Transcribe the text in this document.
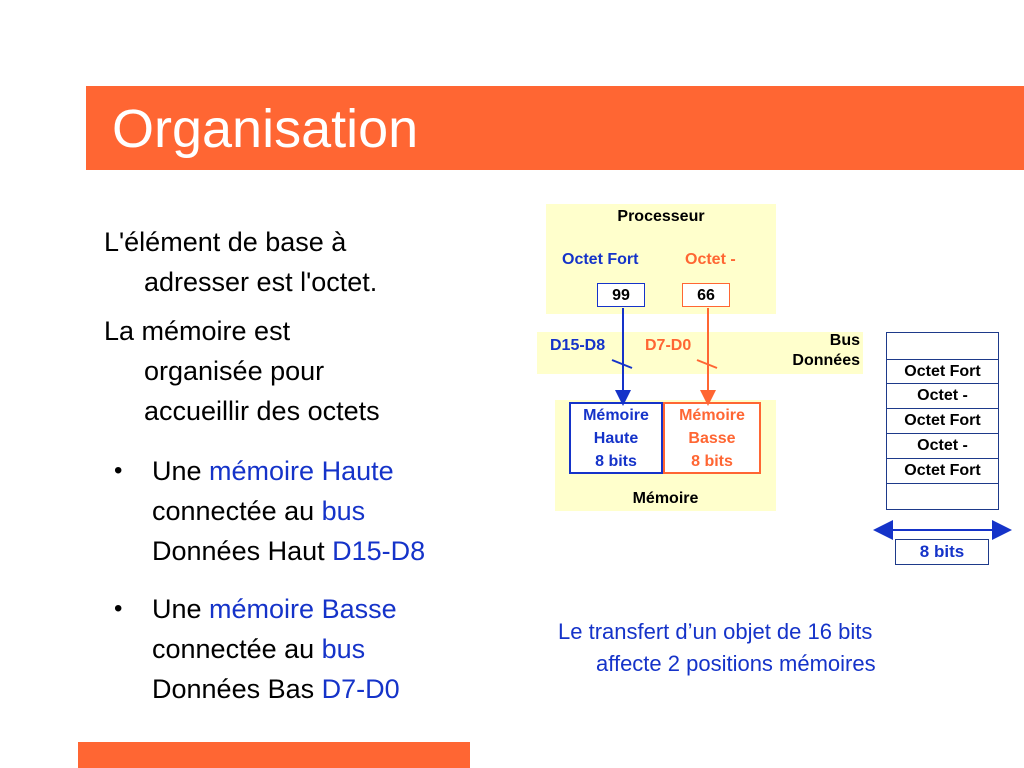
Organisation
L'élément de base à
adresser est l'octet.
La mémoire est
organisée pour
accueillir des octets
• Une mémoire Haute
connectée au bus
Données Haut D15-D8
• Une mémoire Basse
connectée au bus
Données Bas D7-D0
Processeur
Octet Fort	Octet -
99	66
D15-D8 D7-D0	Bus
Données
Mémoire
Haute
8 bits
Mémoire
Basse
8 bits
Mémoire
Octet Fort
Octet -
Octet Fort
Octet -
Octet Fort
8 bits
Le transfert d’un objet de 16 bits
affecte 2 positions mémoires
